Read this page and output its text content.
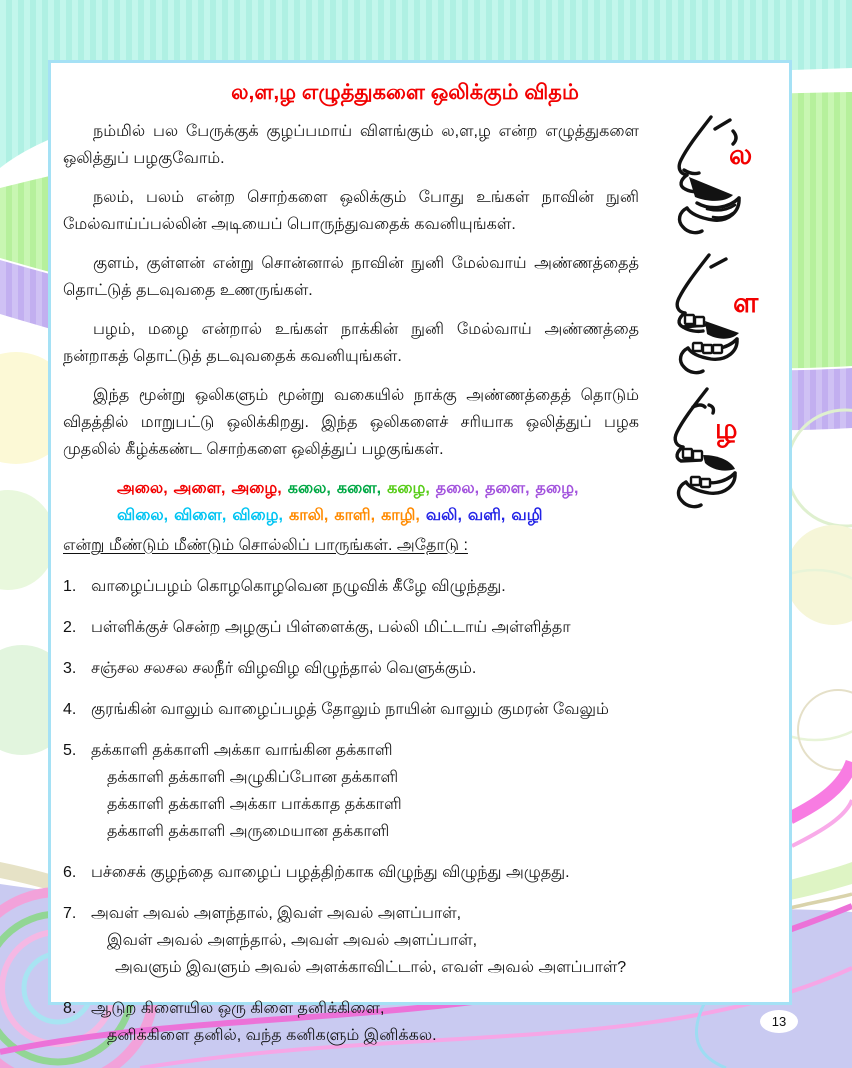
ல,ள,ழ எழுத்துகளை ஒலிக்கும் விதம்
ல
ள
ழ

நம்மில் பல பேருக்குக் குழப்பமாய் விளங்கும் ல,ள,ழ என்ற எழுத்துகளை ஒலித்துப் பழகுவோம்.

நலம், பலம் என்ற சொற்களை ஒலிக்கும் போது உங்கள் நாவின் நுனி மேல்வாய்ப்பல்லின் அடியைப் பொருந்துவதைக் கவனியுங்கள்.

குளம், குள்ளன் என்று சொன்னால் நாவின் நுனி மேல்வாய் அண்ணத்தைத் தொட்டுத் தடவுவதை உணருங்கள்.

பழம், மழை என்றால் உங்கள் நாக்கின் நுனி மேல்வாய் அண்ணத்தை நன்றாகத் தொட்டுத் தடவுவதைக் கவனியுங்கள்.

இந்த மூன்று ஒலிகளும் மூன்று வகையில் நாக்கு அண்ணத்தைத் தொடும் விதத்தில் மாறுபட்டு ஒலிக்கிறது. இந்த ஒலிகளைச் சரியாக ஒலித்துப் பழக முதலில் கீழ்க்கண்ட சொற்களை ஒலித்துப் பழகுங்கள்.

அலை, அளை, அழை, கலை, களை, கழை, தலை, தளை, தழை,
விலை, விளை, விழை, காலி, காளி, காழி, வலி, வளி, வழி
என்று மீண்டும் மீண்டும் சொல்லிப் பாருங்கள். அதோடு :
1. வாழைப்பழம் கொழகொழவென நழுவிக் கீழே விழுந்தது.
2. பள்ளிக்குச் சென்ற அழகுப் பிள்ளைக்கு, பல்லி மிட்டாய் அள்ளித்தா
3. சஞ்சல சலசல சலநீர் விழவிழ விழுந்தால் வெளுக்கும்.
4. குரங்கின் வாலும் வாழைப்பழத் தோலும் நாயின் வாலும் குமரன் வேலும்
5. தக்காளி தக்காளி அக்கா வாங்கின தக்காளி
தக்காளி தக்காளி அழுகிப்போன தக்காளி
தக்காளி தக்காளி அக்கா பாக்காத தக்காளி
தக்காளி தக்காளி அருமையான தக்காளி
6. பச்சைக் குழந்தை வாழைப் பழத்திற்காக விழுந்து விழுந்து அழுதது.
7. அவள் அவல் அளந்தால், இவள் அவல் அளப்பாள்,
இவள் அவல் அளந்தால், அவள் அவல் அளப்பாள்,
அவளும் இவளும் அவல் அளக்காவிட்டால், எவள் அவல் அளப்பாள்?
8. ஆடுற கிளையில ஒரு கிளை தனிக்கிளை,
தனிக்கிளை தனில், வந்த கனிகளும் இனிக்கல.
13
